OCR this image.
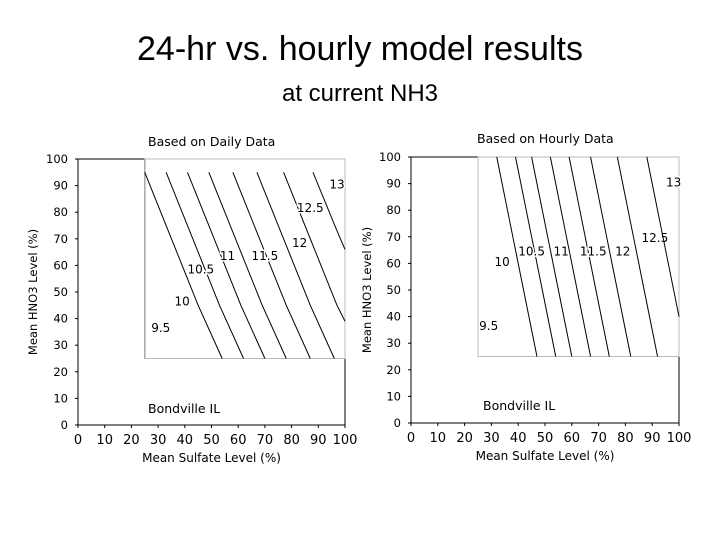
24-hr vs. hourly model results
at current NH3
9.5
10
10.5
11 11.5
12
12.5
13
0
10
20
30
40
50
60
70
80
90
100
0 10 20 30 40 50 60 70 80 90 100
Based on Daily Data
Mean Sulfate Level (%)
Mean HNO3 Level (%)
Bondville IL
9.5
10
10.5 11 11.5 12
12.5
13
0
10
20
30
40
50
60
70
80
90
100
0 10 20 30 40 50 60 70 80 90 100
Based on Hourly Data
Mean Sulfate Level (%)
Mean HNO3 Level (%)
Bondville IL
